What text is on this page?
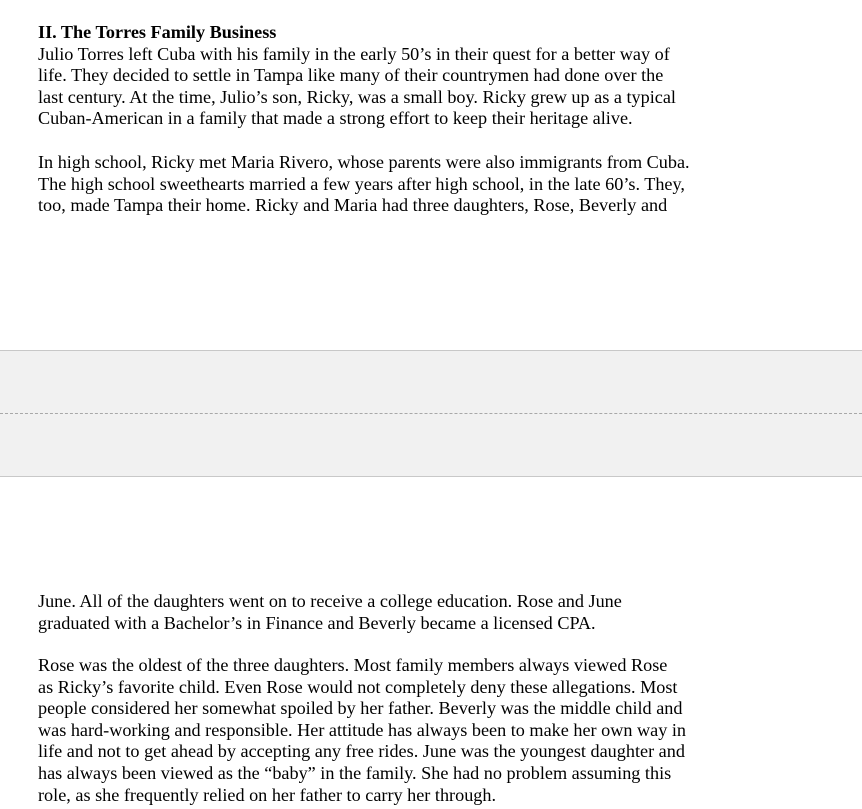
II. The Torres Family Business
Julio Torres left Cuba with his family in the early 50’s in their quest for a better way of
life. They decided to settle in Tampa like many of their countrymen had done over the
last century. At the time, Julio’s son, Ricky, was a small boy. Ricky grew up as a typical
Cuban-American in a family that made a strong effort to keep their heritage alive.
In high school, Ricky met Maria Rivero, whose parents were also immigrants from Cuba.
The high school sweethearts married a few years after high school, in the late 60’s. They,
too, made Tampa their home. Ricky and Maria had three daughters, Rose, Beverly and
June. All of the daughters went on to receive a college education. Rose and June
graduated with a Bachelor’s in Finance and Beverly became a licensed CPA.
Rose was the oldest of the three daughters. Most family members always viewed Rose
as Ricky’s favorite child. Even Rose would not completely deny these allegations. Most
people considered her somewhat spoiled by her father. Beverly was the middle child and
was hard-working and responsible. Her attitude has always been to make her own way in
life and not to get ahead by accepting any free rides. June was the youngest daughter and
has always been viewed as the “baby” in the family. She had no problem assuming this
role, as she frequently relied on her father to carry her through.
